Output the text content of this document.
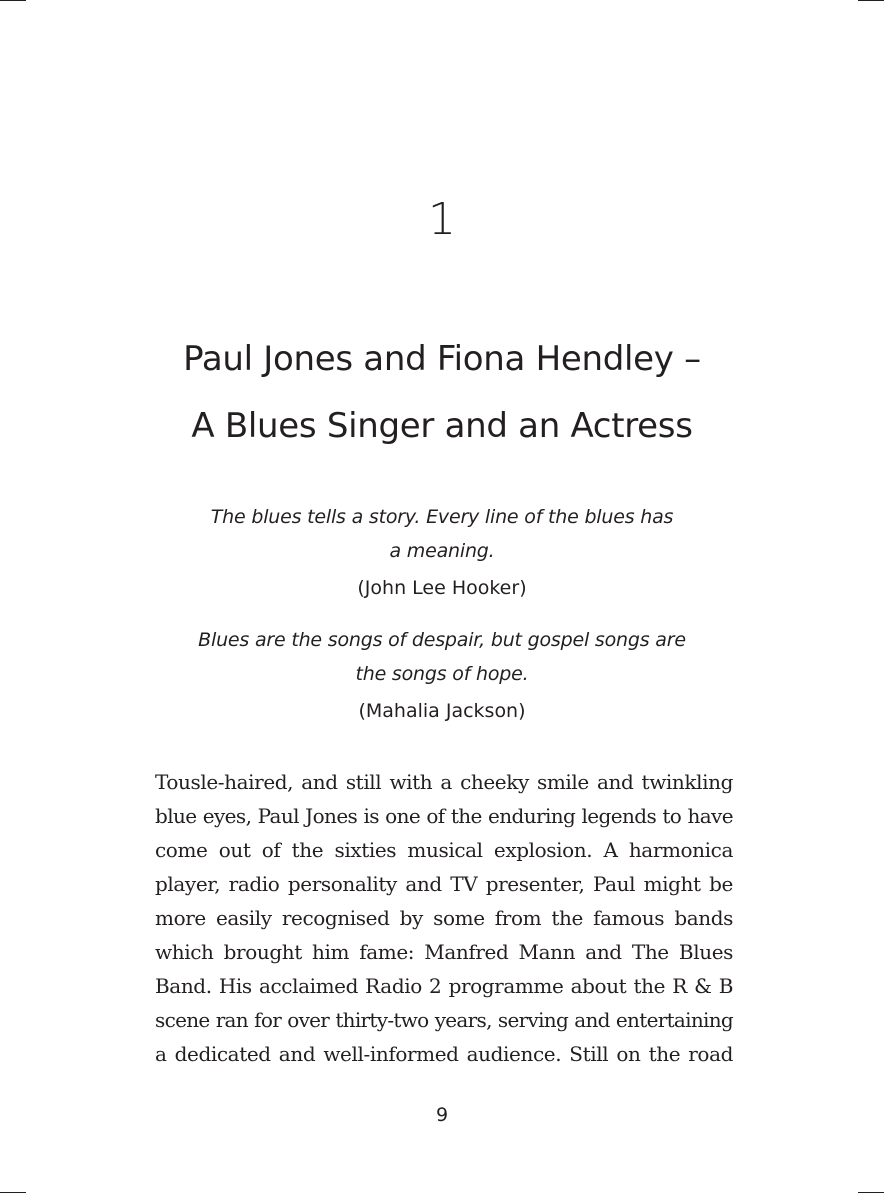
1
Paul Jones and Fiona Hendley –
A Blues Singer and an Actress
The blues tells a story. Every line of the blues has
a meaning.
(John Lee Hooker)
Blues are the songs of despair, but gospel songs are
the songs of hope.
(Mahalia Jackson)
Tousle-haired, and still with a cheeky smile and twinkling
blue eyes, Paul Jones is one of the enduring legends to have
come out of the sixties musical explosion. A harmonica
player, radio personality and TV presenter, Paul might be
more easily recognised by some from the famous bands
which brought him fame: Manfred Mann and The Blues
Band. His acclaimed Radio 2 programme about the R & B
scene ran for over thirty-two years, serving and entertaining
a dedicated and well-informed audience. Still on the road
9
